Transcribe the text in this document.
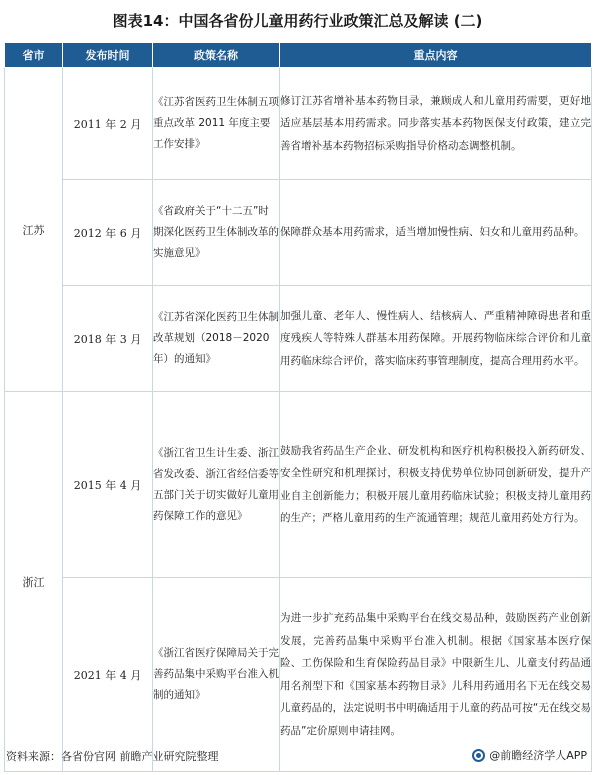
图表14：中国各省份儿童用药行业政策汇总及解读 (二)
省市	发布时间	政策名称	重点内容
江苏	2011 年 2 月	《江苏省医药卫生体制五项重点改革 2011 年度主要工作安排》	修订江苏省增补基本药物目录，兼顾成人和儿童用药需要，更好地适应基层基本用药需求。同步落实基本药物医保支付政策，建立完善省增补基本药物招标采购指导价格动态调整机制。
	2012 年 6 月	《省政府关于“十二五”时期深化医药卫生体制改革的实施意见》	保障群众基本用药需求，适当增加慢性病、妇女和儿童用药品种。
	2018 年 3 月	《江苏省深化医药卫生体制改革规划（2018－2020 年）的通知》	加强儿童、老年人、慢性病人、结核病人、严重精神障碍患者和重度残疾人等特殊人群基本用药保障。开展药物临床综合评价和儿童用药临床综合评价，落实临床药事管理制度，提高合理用药水平。
浙江	2015 年 4 月	《浙江省卫生计生委、浙江省发改委、浙江省经信委等五部门关于切实做好儿童用药保障工作的意见》	鼓励我省药品生产企业、研发机构和医疗机构积极投入新药研发、安全性研究和机理探讨，积极支持优势单位协同创新研发，提升产业自主创新能力；积极开展儿童用药临床试验；积极支持儿童用药的生产；严格儿童用药的生产流通管理；规范儿童用药处方行为。
	2021 年 4 月	《浙江省医疗保障局关于完善药品集中采购平台准入机制的通知》	为进一步扩充药品集中采购平台在线交易品种，鼓励医药产业创新发展，完善药品集中采购平台准入机制。根据《国家基本医疗保险、工伤保险和生育保险药品目录》中限新生儿、儿童支付药品通用名剂型下和《国家基本药物目录》儿科用药通用名下无在线交易儿童药品的，法定说明书中明确适用于儿童的药品可按“无在线交易药品”定价原则申请挂网。
资料来源：各省份官网 前瞻产业研究院整理	@前瞻经济学人APP
